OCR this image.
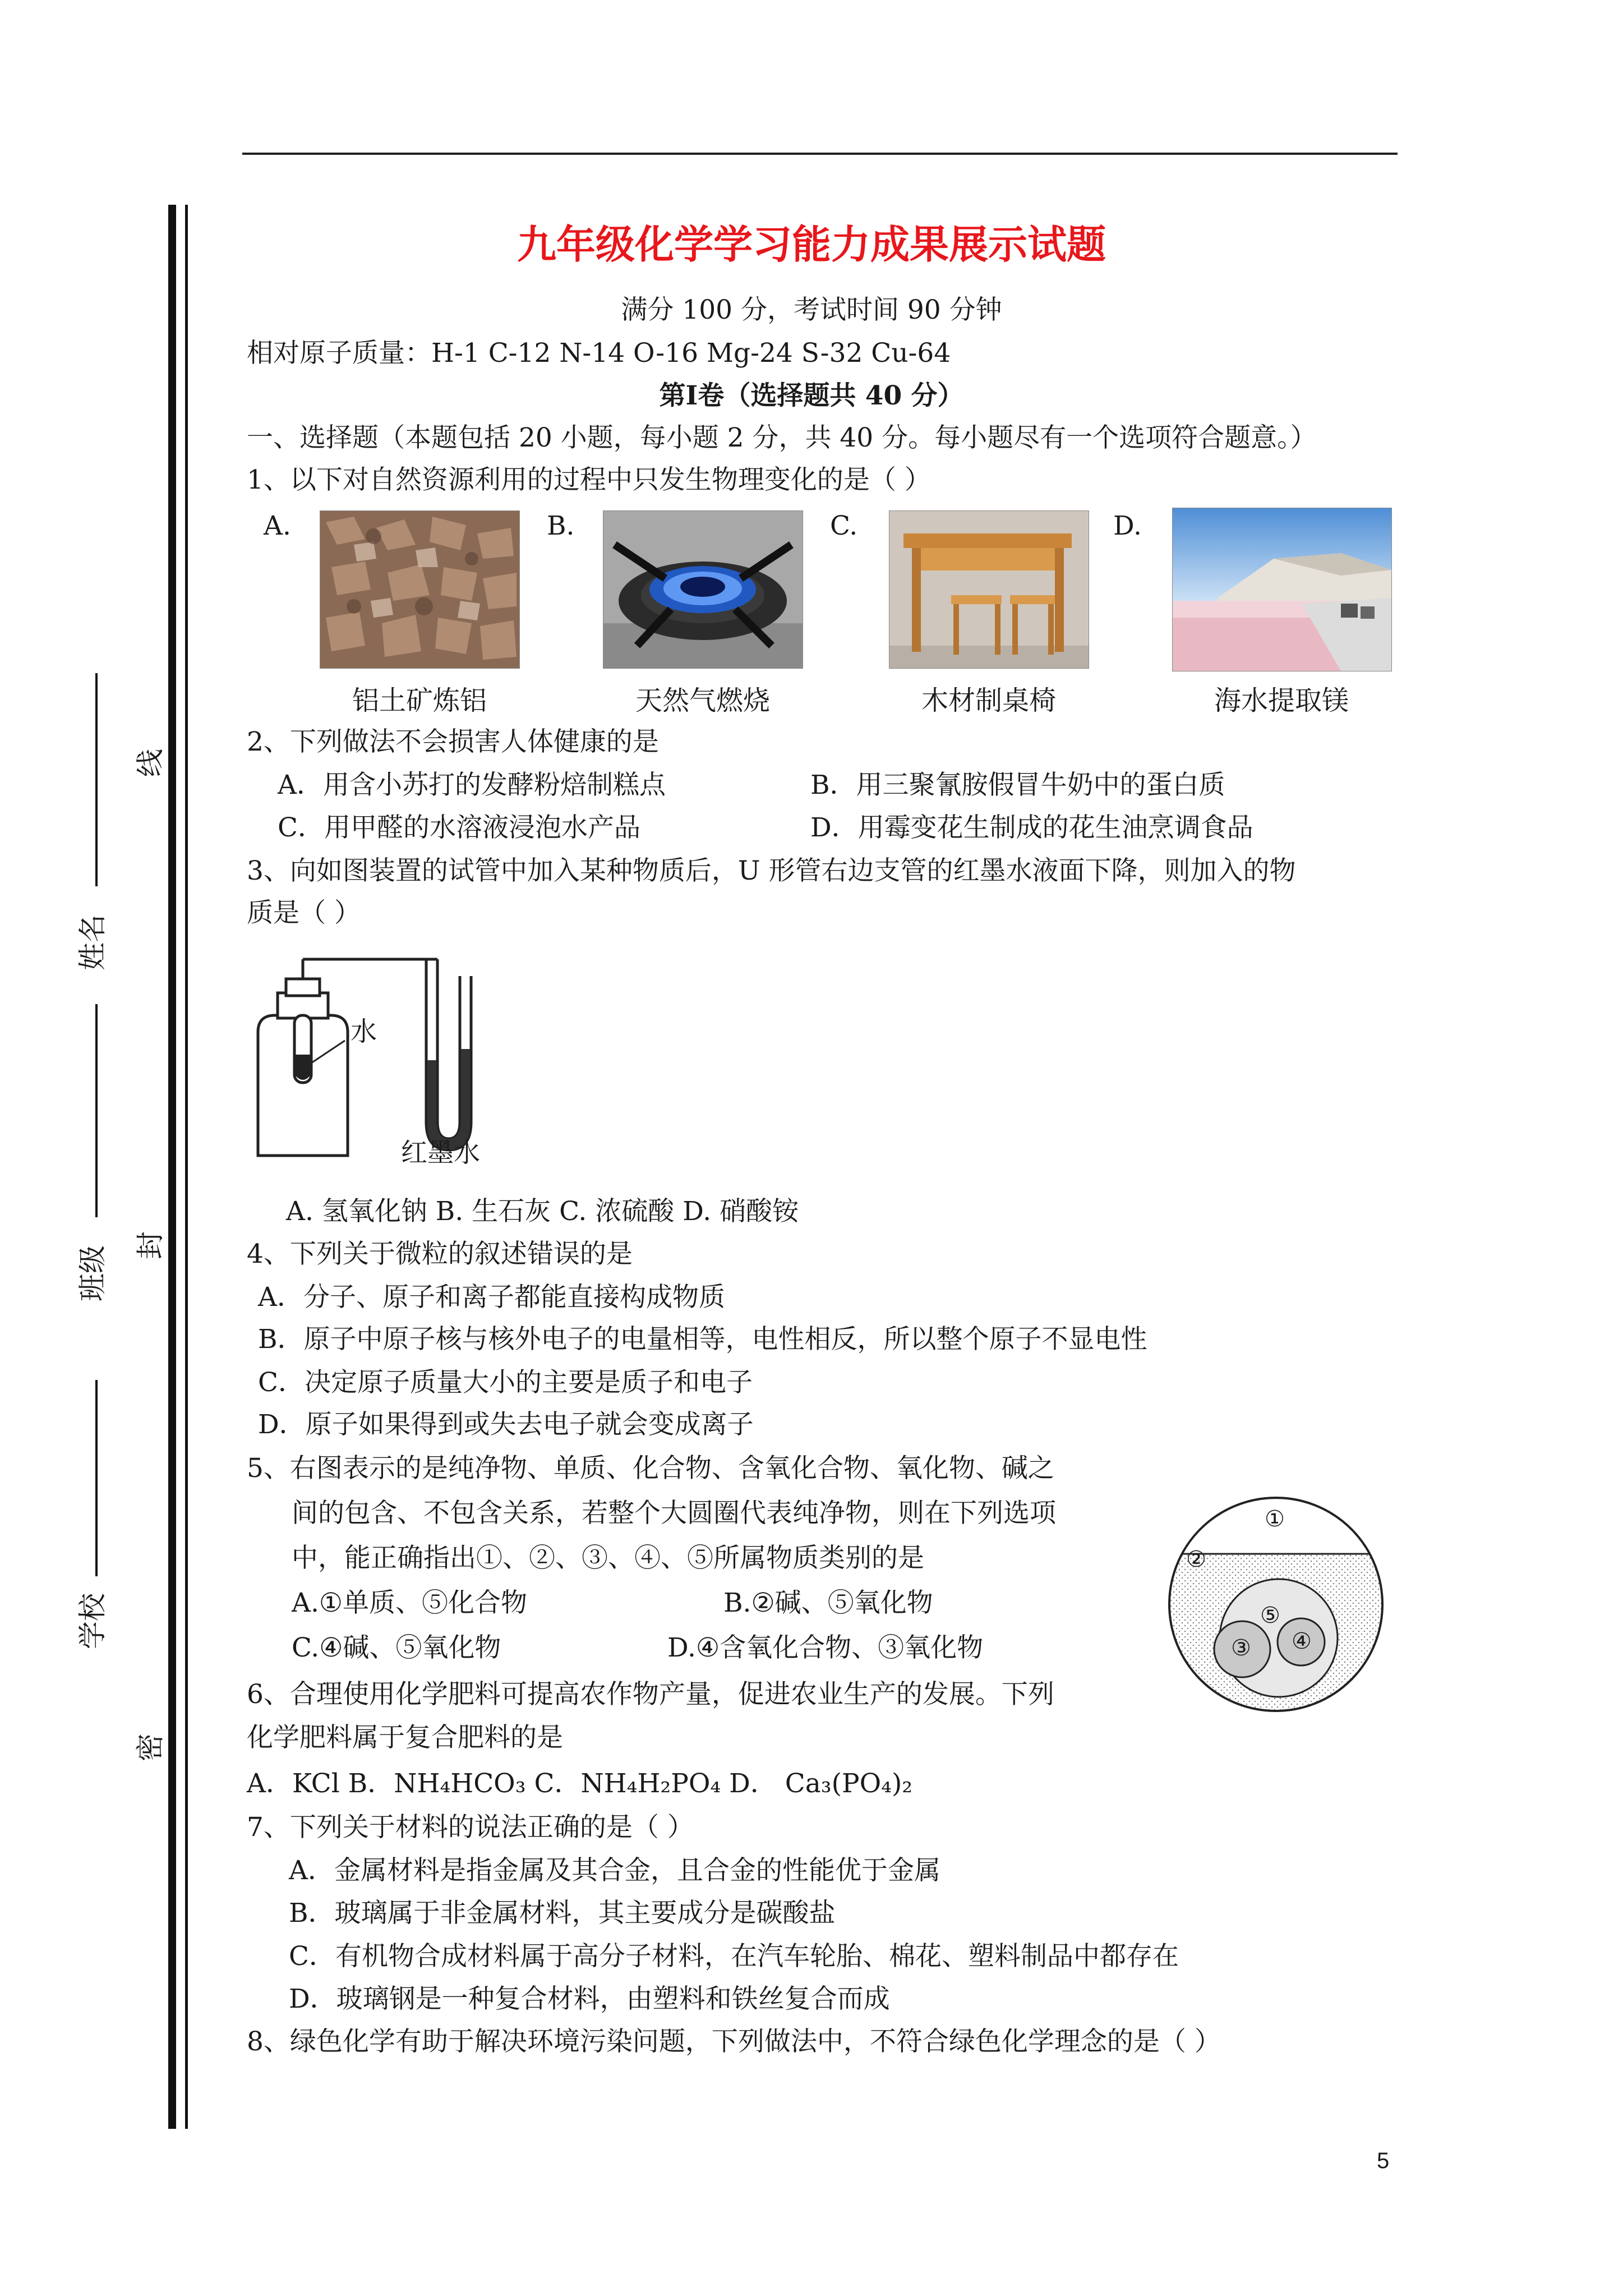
姓名
班级
学校
线
封
密
九年级化学学习能力成果展示试题
满分 100 分，考试时间 90 分钟
相对原子质量：H-1 C-12 N-14 O-16 Mg-24 S-32 Cu-64
第Ⅰ卷（选择题共 40 分）
一、选择题（本题包括 20 小题，每小题 2 分，共 40 分。每小题尽有一个选项符合题意。）
1、以下对自然资源利用的过程中只发生物理变化的是（ ）
A.	B.	C.	D.
铝土矿炼铝	天然气燃烧	木材制桌椅	海水提取镁
2、下列做法不会损害人体健康的是
A．用含小苏打的发酵粉焙制糕点	B．用三聚氰胺假冒牛奶中的蛋白质
C．用甲醛的水溶液浸泡水产品	D．用霉变花生制成的花生油烹调食品
3、向如图装置的试管中加入某种物质后，U 形管右边支管的红墨水液面下降，则加入的物
质是（ ）
水
红墨水
A. 氢氧化钠 B. 生石灰 C. 浓硫酸 D. 硝酸铵
4、下列关于微粒的叙述错误的是
A．分子、原子和离子都能直接构成物质
B．原子中原子核与核外电子的电量相等，电性相反，所以整个原子不显电性
C．决定原子质量大小的主要是质子和电子
D．原子如果得到或失去电子就会变成离子
5、右图表示的是纯净物、单质、化合物、含氧化合物、氧化物、碱之
间的包含、不包含关系，若整个大圆圈代表纯净物，则在下列选项
中，能正确指出①、②、③、④、⑤所属物质类别的是
A.①单质、⑤化合物	B.②碱、⑤氧化物
C.④碱、⑤氧化物	D.④含氧化合物、③氧化物
①
②
③ ④
⑤
6、合理使用化学肥料可提高农作物产量，促进农业生产的发展。下列
化学肥料属于复合肥料的是
A．KCl B．NH₄HCO₃ C．NH₄H₂PO₄ D． Ca₃(PO₄)₂
7、下列关于材料的说法正确的是（ ）
A．金属材料是指金属及其合金，且合金的性能优于金属
B．玻璃属于非金属材料，其主要成分是碳酸盐
C．有机物合成材料属于高分子材料，在汽车轮胎、棉花、塑料制品中都存在
D．玻璃钢是一种复合材料，由塑料和铁丝复合而成
8、绿色化学有助于解决环境污染问题，下列做法中，不符合绿色化学理念的是（ ）
5
